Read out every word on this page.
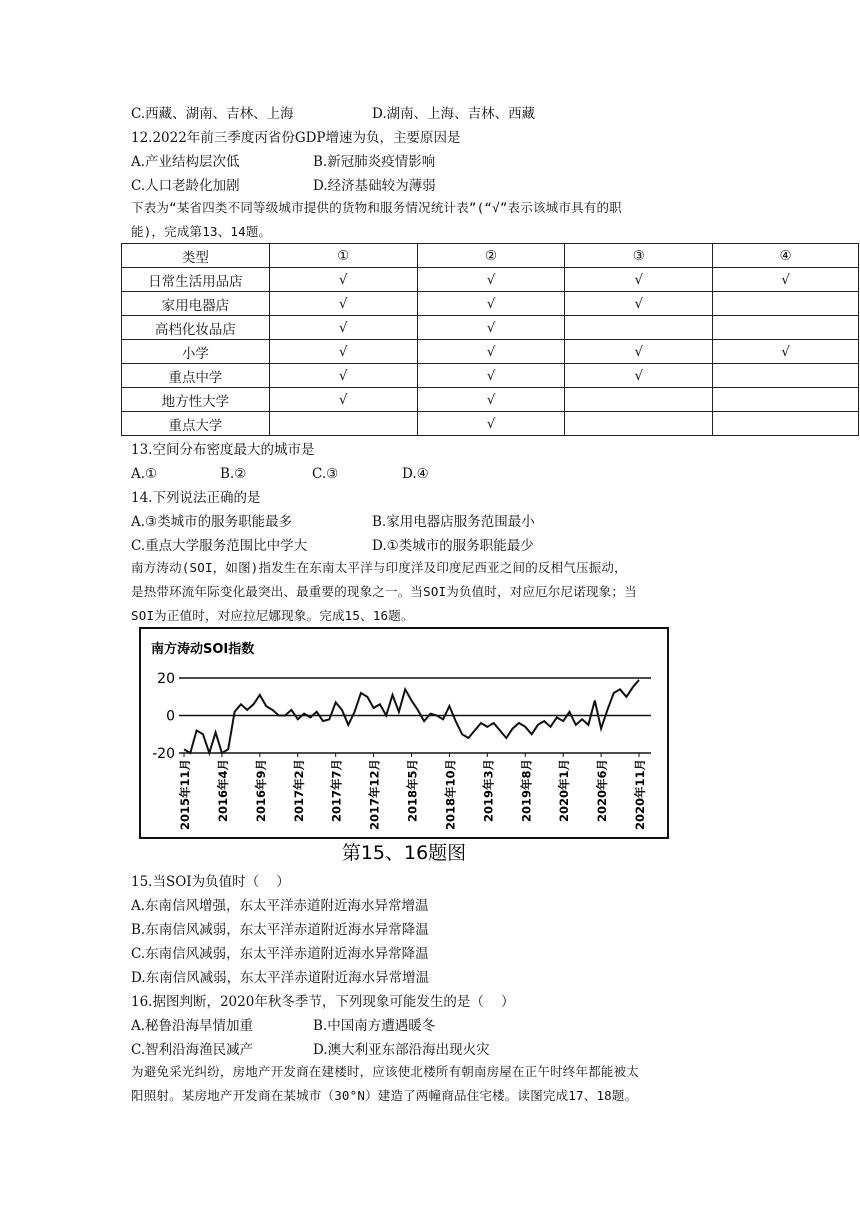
C.西藏、湖南、吉林、上海	D.湖南、上海、吉林、西藏
12.2022年前三季度丙省份GDP增速为负，主要原因是
A.产业结构层次低	B.新冠肺炎疫情影响
C.人口老龄化加剧	D.经济基础较为薄弱
下表为“某省四类不同等级城市提供的货物和服务情况统计表”(“√”表示该城市具有的职
能)，完成第13、14题。
类型	①	②	③	④
日常生活用品店	√	√	√	√
家用电器店	√	√	√	
高档化妆品店	√	√		
小学	√	√	√	√
重点中学	√	√	√	
地方性大学	√	√		
重点大学		√		
13.空间分布密度最大的城市是
A.①	B.②	C.③	D.④
14.下列说法正确的是
A.③类城市的服务职能最多	B.家用电器店服务范围最小
C.重点大学服务范围比中学大	D.①类城市的服务职能最少
南方涛动(SOI，如图)指发生在东南太平洋与印度洋及印度尼西亚之间的反相气压振动，
是热带环流年际变化最突出、最重要的现象之一。当SOI为负值时，对应厄尔尼诺现象；当
SOI为正值时，对应拉尼娜现象。完成15、16题。
南方涛动SOI指数
20
0
-20
2015年11月 2016年4月 2016年9月 2017年2月 2017年7月 2017年12月 2018年5月 2018年10月 2019年3月 2019年8月 2020年1月 2020年6月 2020年11月
第15、16题图
15.当SOI为负值时（    ）
A.东南信风增强，东太平洋赤道附近海水异常增温
B.东南信风减弱，东太平洋赤道附近海水异常降温
C.东南信风减弱，东太平洋赤道附近海水异常降温
D.东南信风减弱，东太平洋赤道附近海水异常增温
16.据图判断，2020年秋冬季节，下列现象可能发生的是（    ）
A.秘鲁沿海旱情加重	B.中国南方遭遇暖冬
C.智利沿海渔民减产	D.澳大利亚东部沿海出现火灾
为避免采光纠纷，房地产开发商在建楼时，应该使北楼所有朝南房屋在正午时终年都能被太
阳照射。某房地产开发商在某城市（30°N）建造了两幢商品住宅楼。读图完成17、18题。
